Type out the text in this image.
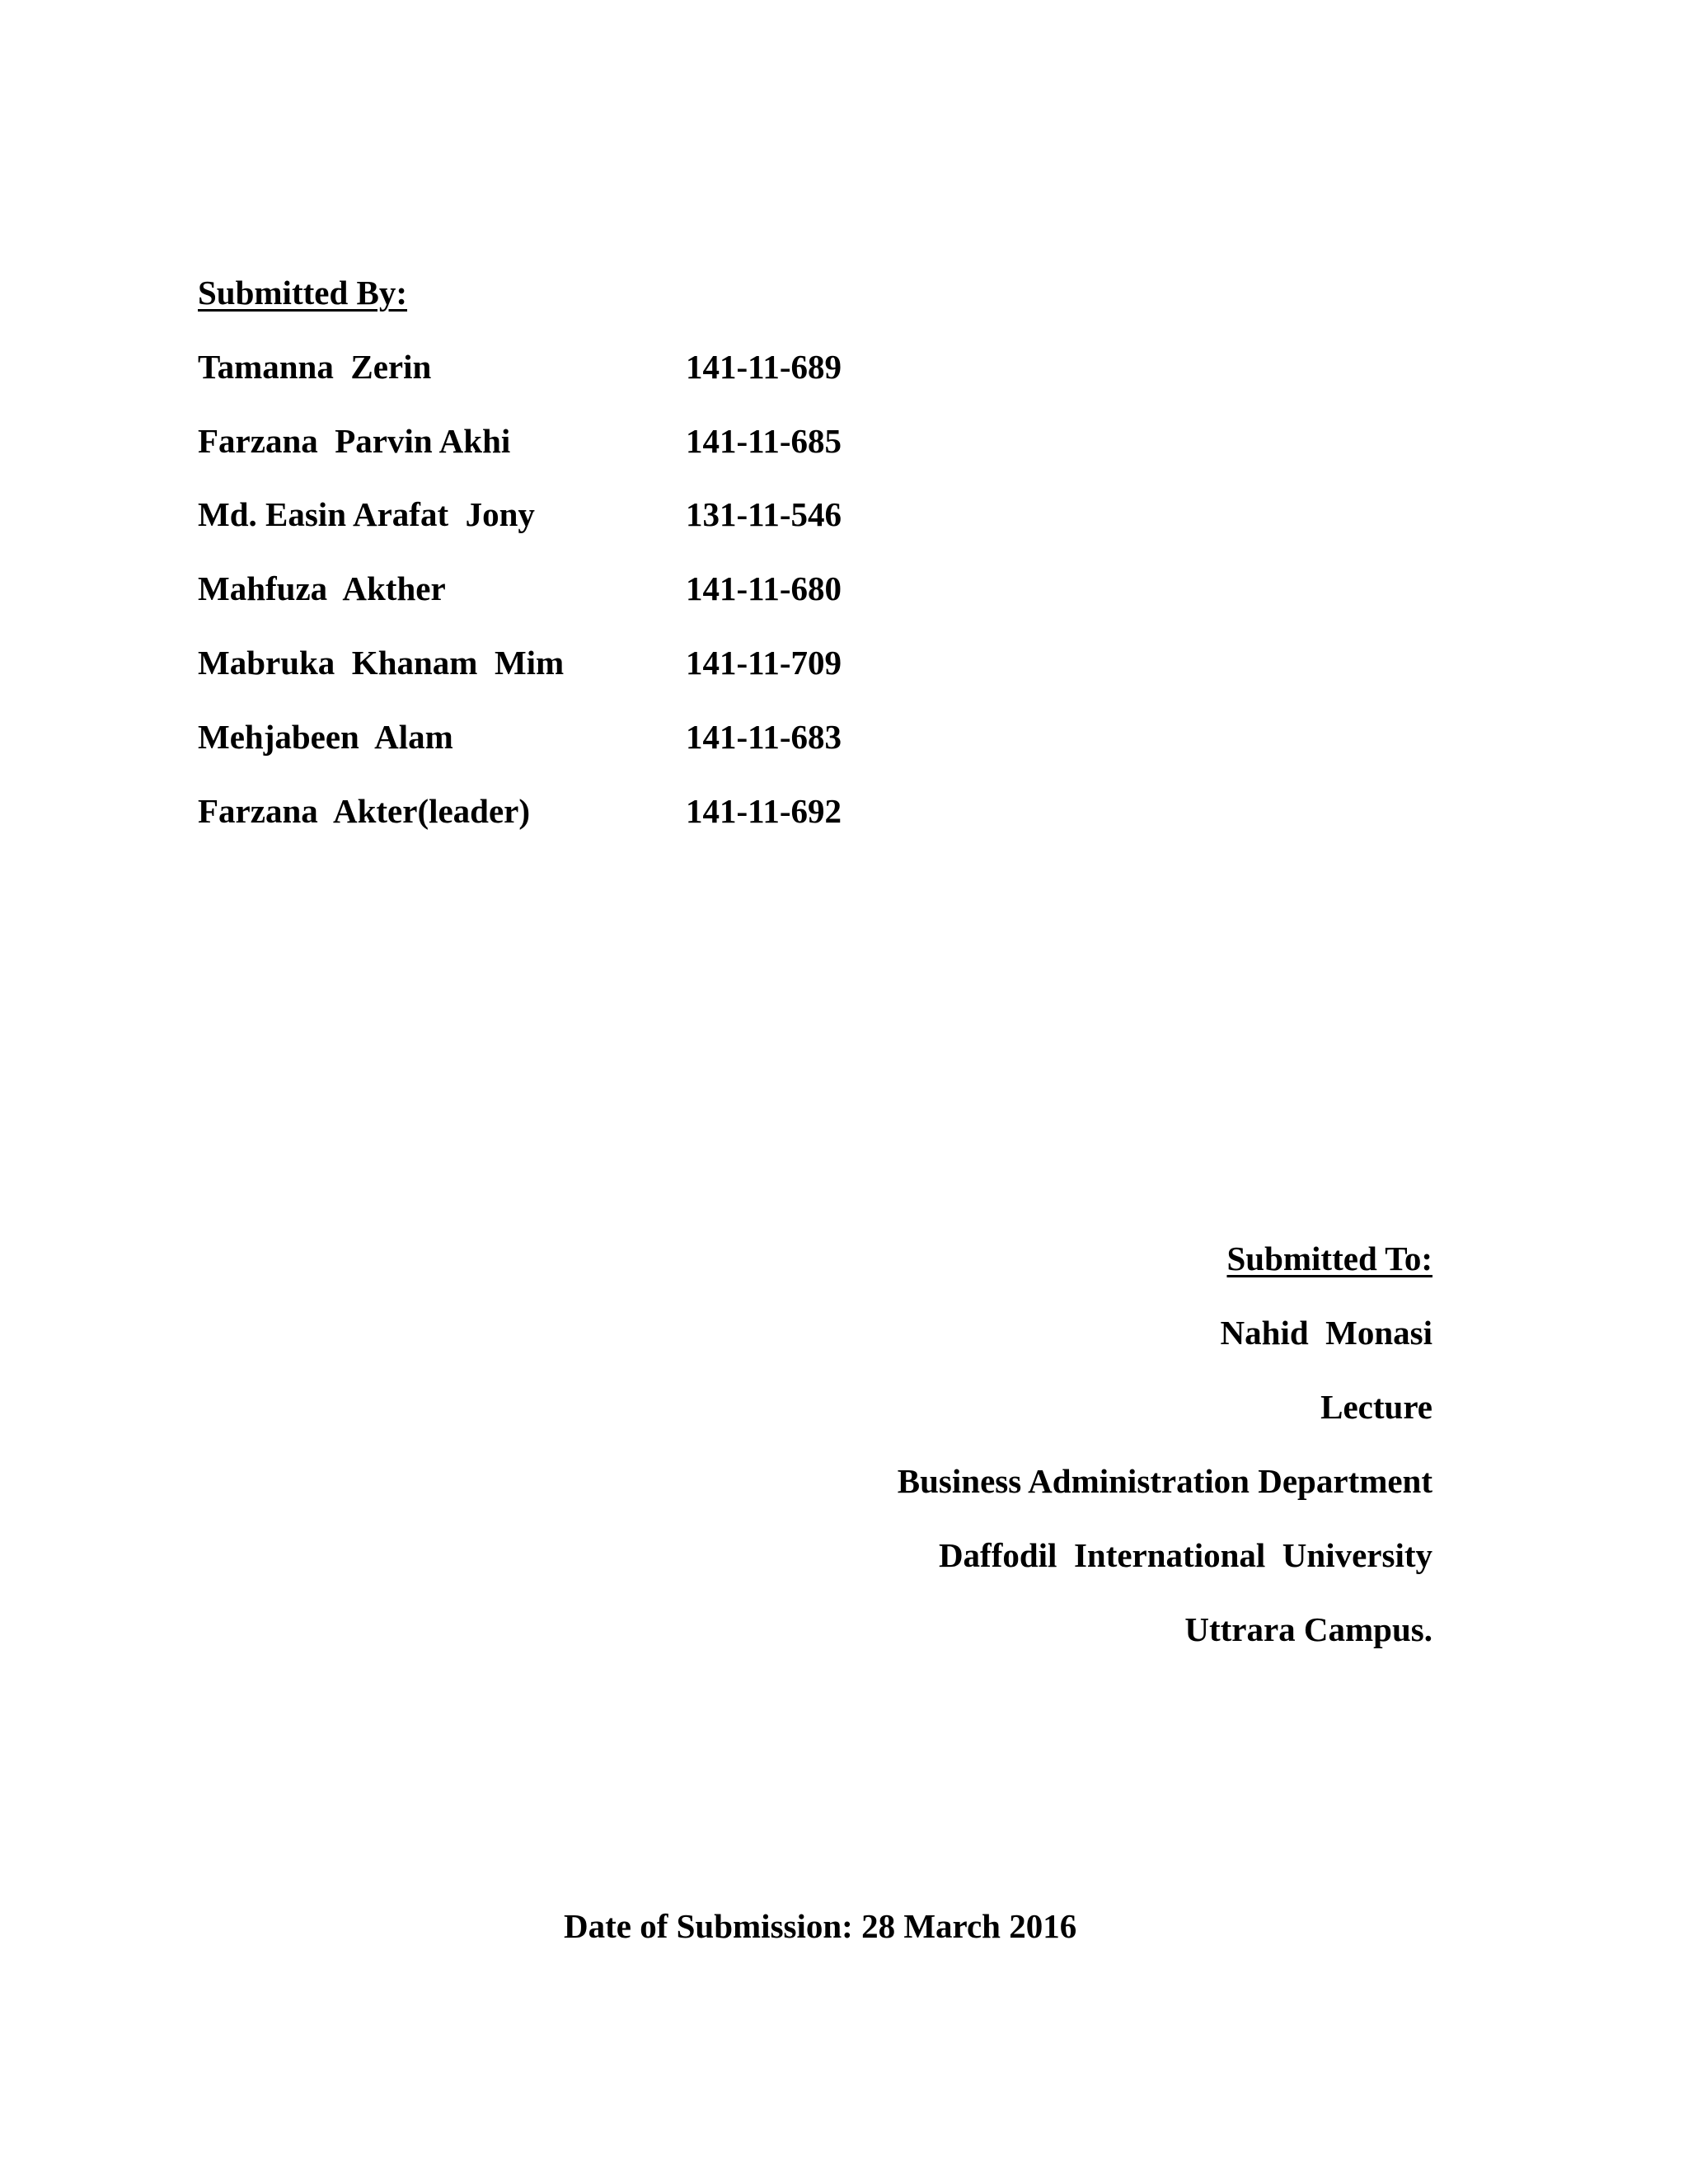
Submitted By:
Tamanna  Zerin	141-11-689
Farzana  Parvin Akhi	141-11-685
Md. Easin Arafat  Jony	131-11-546
Mahfuza  Akther	141-11-680
Mabruka  Khanam  Mim	141-11-709
Mehjabeen  Alam	141-11-683
Farzana  Akter(leader)	141-11-692
Submitted To:
Nahid  Monasi
Lecture
Business Administration Department
Daffodil  International  University
Uttrara Campus.
Date of Submission: 28 March 2016
